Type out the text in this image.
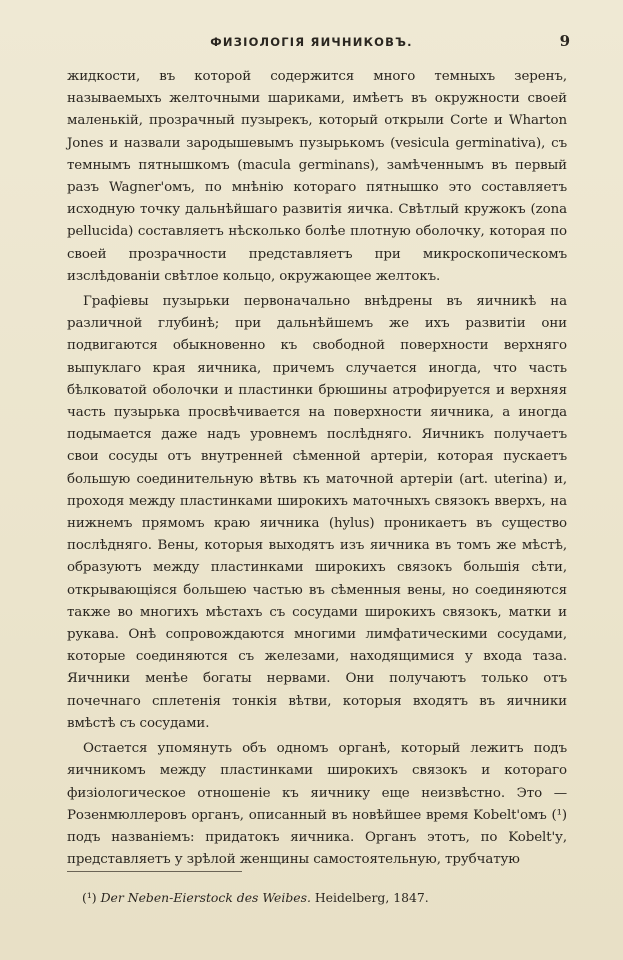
ФИЗІОЛОГІЯ ЯИЧНИКОВЪ.	9

жидкости, въ которой содержится много темныхъ зеренъ, называемыхъ желточными шариками, имѣетъ въ окружности своей маленькій, прозрачный пузырекъ, который открыли Corte и Wharton Jones и назвали зародышевымъ пузырькомъ (vesicula germinativa), съ темнымъ пятнышкомъ (macula germinans), замѣченнымъ въ первый разъ Wagner'омъ, по мнѣнію котораго пятнышко это составляетъ исходную точку дальнѣйшаго развитія яичка. Свѣтлый кружокъ (zona pellucida) составляетъ нѣсколько болѣе плотную оболочку, которая по своей прозрачности представляетъ при микроскопическомъ изслѣдованіи свѣтлое кольцо, окружающее желтокъ.

Графіевы пузырьки первоначально внѣдрены въ яичникѣ на различной глубинѣ; при дальнѣйшемъ же ихъ развитіи они подвигаются обыкновенно къ свободной поверхности верхняго выпуклаго края яичника, причемъ случается иногда, что часть бѣлковатой оболочки и пластинки брюшины атрофируется и верхняя часть пузырька просвѣчивается на поверхности яичника, а иногда подымается даже надъ уровнемъ послѣдняго. Яичникъ получаетъ свои сосуды отъ внутренней сѣменной артеріи, которая пускаетъ большую соединительную вѣтвь къ маточной артеріи (art. uterina) и, проходя между пластинками широкихъ маточныхъ связокъ вверхъ, на нижнемъ прямомъ краю яичника (hylus) проникаетъ въ существо послѣдняго. Вены, которыя выходятъ изъ яичника въ томъ же мѣстѣ, образуютъ между пластинками широкихъ связокъ большія сѣти, открывающіяся большею частью въ сѣменныя вены, но соединяются также во многихъ мѣстахъ съ сосудами широкихъ связокъ, матки и рукава. Онѣ сопровождаются многими лимфатическими сосудами, которые соединяются съ железами, находящимися у входа таза. Яичники менѣе богаты нервами. Они получаютъ только отъ почечнаго сплетенія тонкія вѣтви, которыя входятъ въ яичники вмѣстѣ съ сосудами.

Остается упомянуть объ одномъ органѣ, который лежитъ подъ яичникомъ между пластинками широкихъ связокъ и котораго физіологическое отношеніе къ яичнику еще неизвѣстно. Это — Розенмюллеровъ органъ, описанный въ новѣйшее время Kobelt'омъ (¹) подъ названіемъ: придатокъ яичника. Органъ этотъ, по Kobelt'у, представляетъ у зрѣлой женщины самостоятельную, трубчатую

(¹) Der Neben-Eierstock des Weibes. Heidelberg, 1847.
